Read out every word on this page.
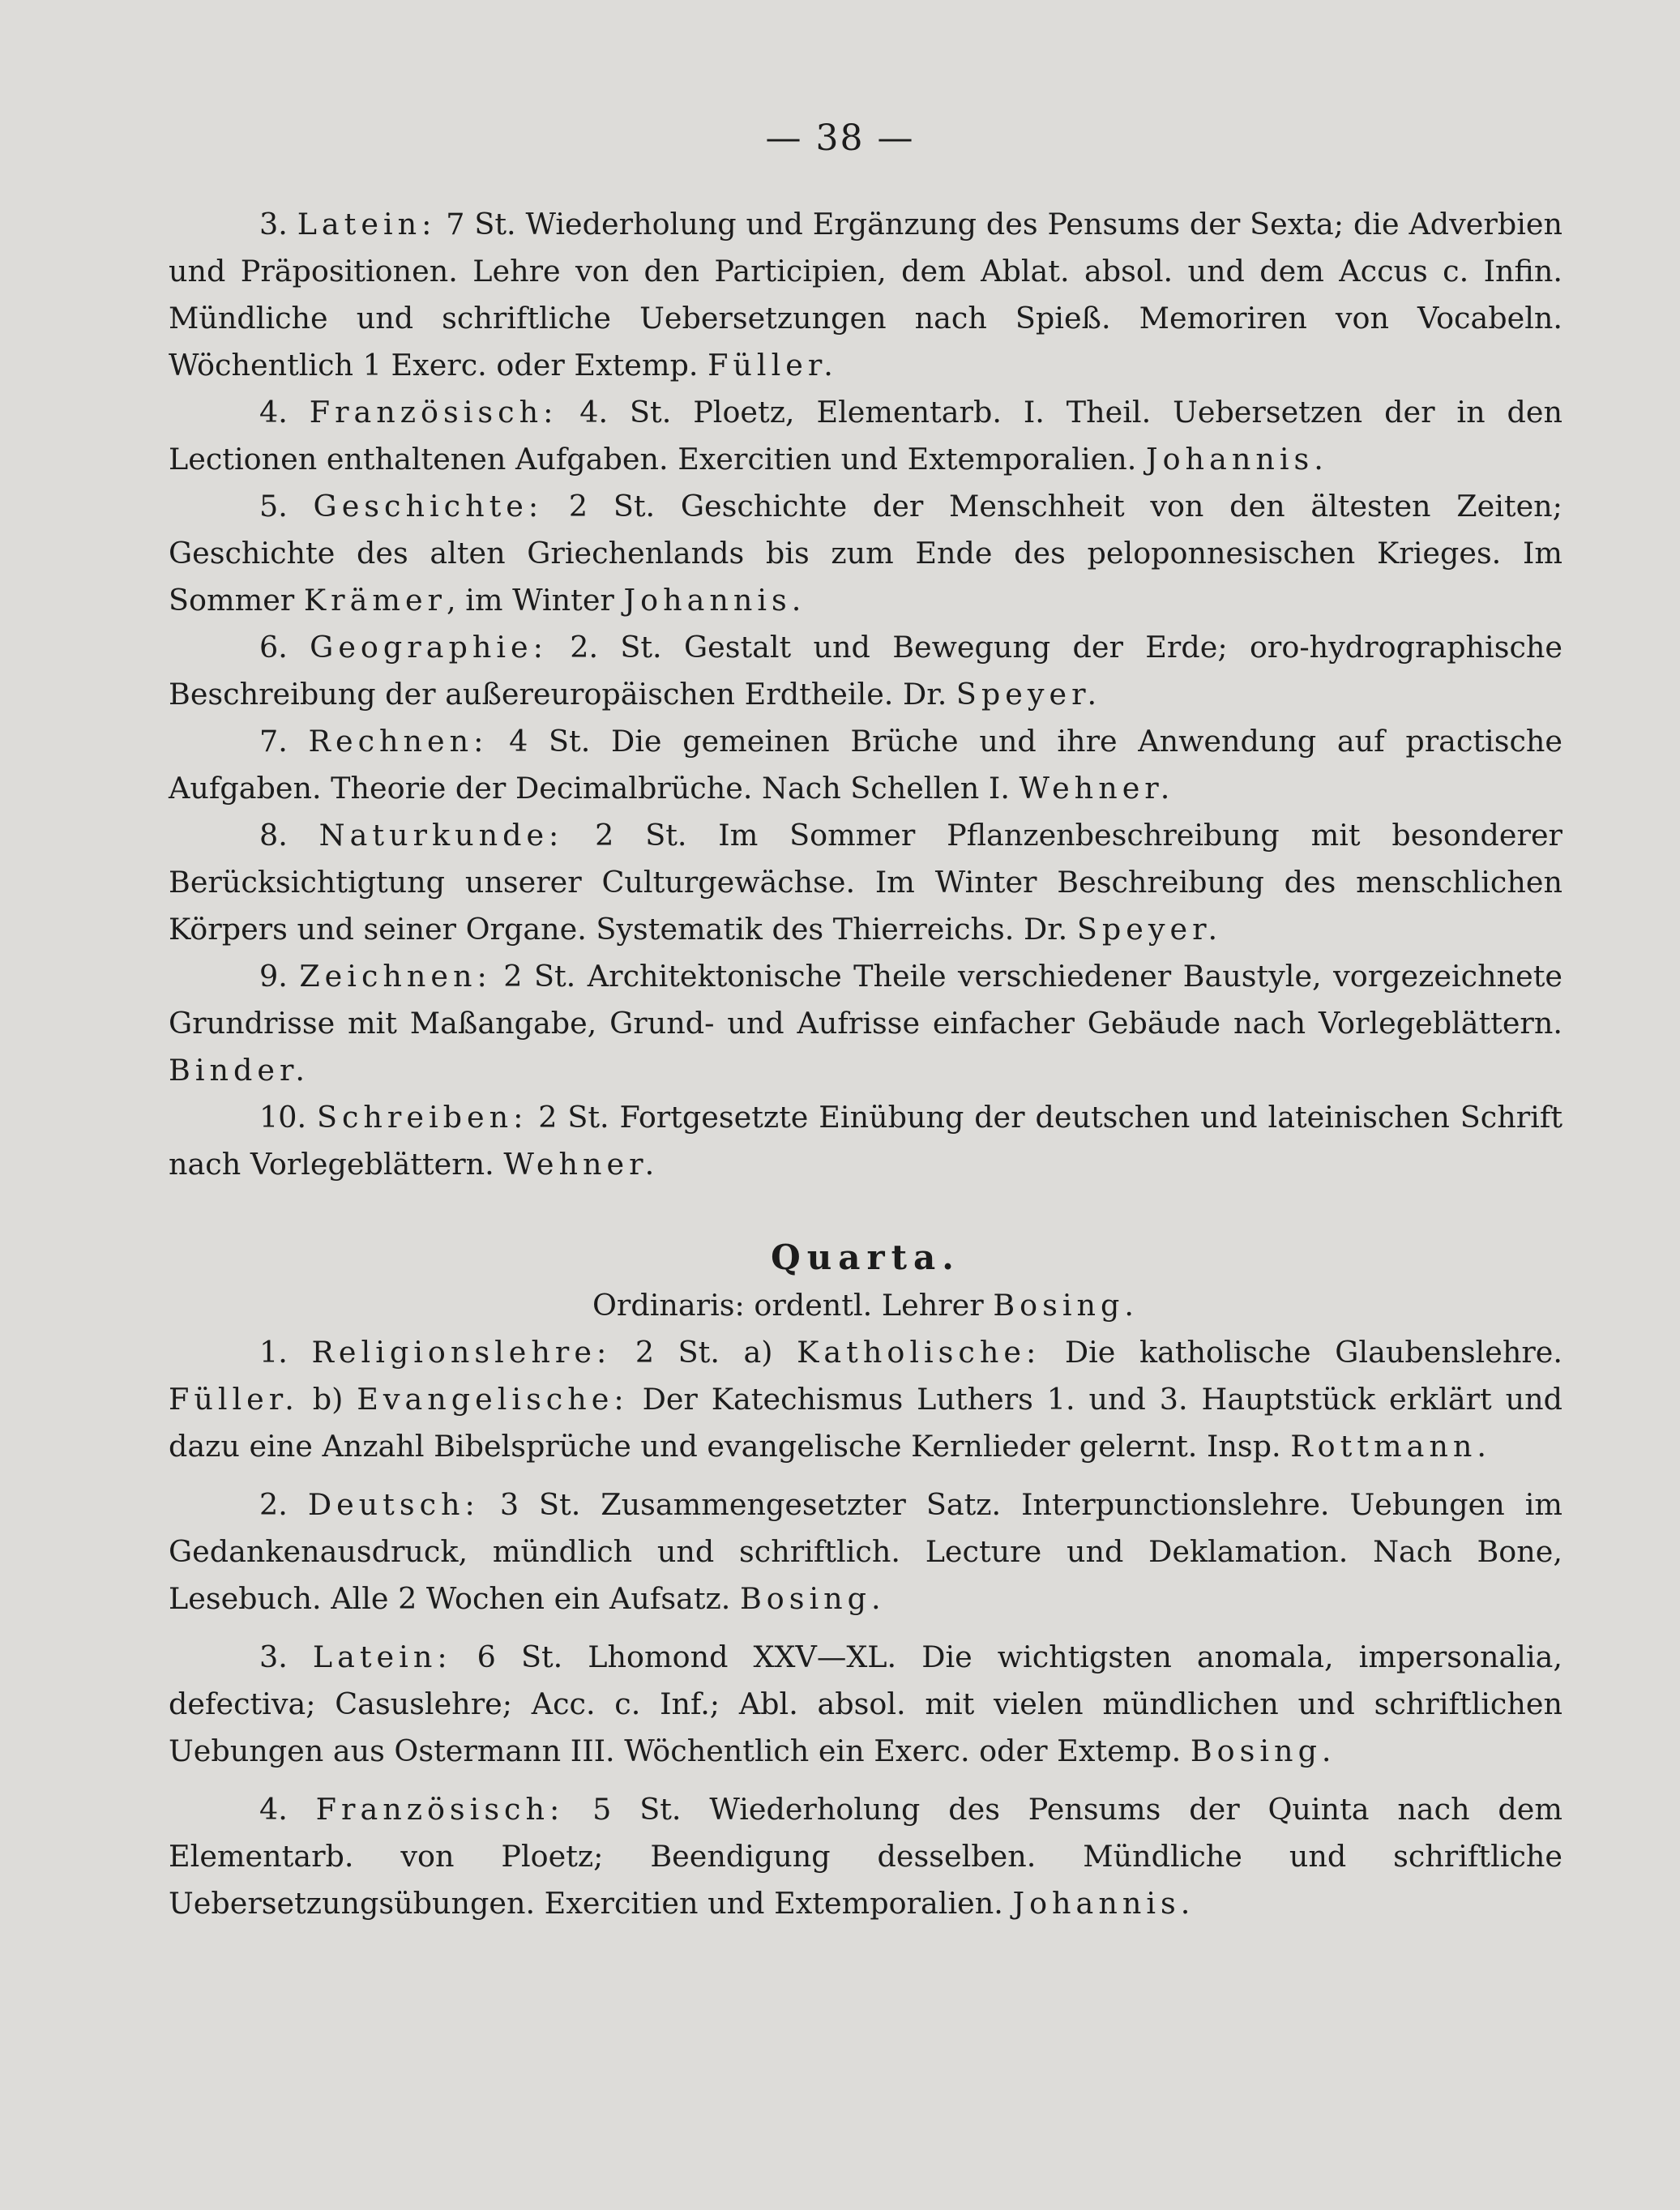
— 38 —

3. Latein: 7 St. Wiederholung und Ergänzung des Pensums der Sexta; die Adverbien und Präpositionen. Lehre von den Participien, dem Ablat. absol. und dem Accus c. Infin. Mündliche und schriftliche Uebersetzungen nach Spieß. Memoriren von Vocabeln. Wöchentlich 1 Exerc. oder Extemp. Füller.

4. Französisch: 4. St. Ploetz, Elementarb. I. Theil. Uebersetzen der in den Lectionen enthaltenen Aufgaben. Exercitien und Extemporalien. Johannis.

5. Geschichte: 2 St. Geschichte der Menschheit von den ältesten Zeiten; Geschichte des alten Griechenlands bis zum Ende des peloponnesischen Krieges. Im Sommer Krämer, im Winter Johannis.

6. Geographie: 2. St. Gestalt und Bewegung der Erde; oro-hydrographische Beschreibung der außereuropäischen Erdtheile. Dr. Speyer.

7. Rechnen: 4 St. Die gemeinen Brüche und ihre Anwendung auf practische Aufgaben. Theorie der Decimalbrüche. Nach Schellen I. Wehner.

8. Naturkunde: 2 St. Im Sommer Pflanzenbeschreibung mit besonderer Berücksichtigtung unserer Culturgewächse. Im Winter Beschreibung des menschlichen Körpers und seiner Organe. Systematik des Thierreichs. Dr. Speyer.

9. Zeichnen: 2 St. Architektonische Theile verschiedener Baustyle, vorgezeichnete Grundrisse mit Maßangabe, Grund- und Aufrisse einfacher Gebäude nach Vorlegeblättern. Binder.

10. Schreiben: 2 St. Fortgesetzte Einübung der deutschen und lateinischen Schrift nach Vorlegeblättern. Wehner.

Quarta.

Ordinaris: ordentl. Lehrer Bosing.

1. Religionslehre: 2 St. a) Katholische: Die katholische Glaubenslehre. Füller. b) Evangelische: Der Katechismus Luthers 1. und 3. Hauptstück erklärt und dazu eine Anzahl Bibelsprüche und evangelische Kernlieder gelernt. Insp. Rottmann.

2. Deutsch: 3 St. Zusammengesetzter Satz. Interpunctionslehre. Uebungen im Gedankenausdruck, mündlich und schriftlich. Lecture und Deklamation. Nach Bone, Lesebuch. Alle 2 Wochen ein Aufsatz. Bosing.

3. Latein: 6 St. Lhomond XXV—XL. Die wichtigsten anomala, impersonalia, defectiva; Casuslehre; Acc. c. Inf.; Abl. absol. mit vielen mündlichen und schriftlichen Uebungen aus Ostermann III. Wöchentlich ein Exerc. oder Extemp. Bosing.

4. Französisch: 5 St. Wiederholung des Pensums der Quinta nach dem Elementarb. von Ploetz; Beendigung desselben. Mündliche und schriftliche Uebersetzungsübungen. Exercitien und Extemporalien. Johannis.
